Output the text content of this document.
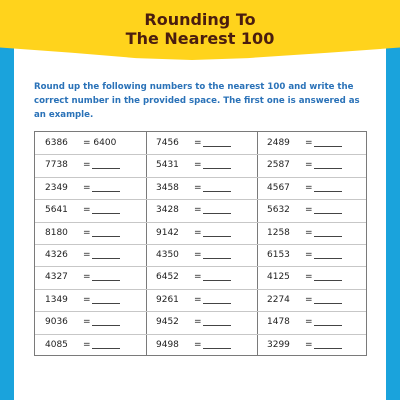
Rounding To
The Nearest 100
Round up the following numbers to the nearest 100 and write the correct number in the provided space. The first one is answered as an example.
6386 = 6400
7738 =
2349 =
5641 =
8180 =
4326 =
4327 =
1349 =
9036 =
4085 =
7456 =
5431 =
3458 =
3428 =
9142 =
4350 =
6452 =
9261 =
9452 =
9498 =
2489 =
2587 =
4567 =
5632 =
1258 =
6153 =
4125 =
2274 =
1478 =
3299 =
